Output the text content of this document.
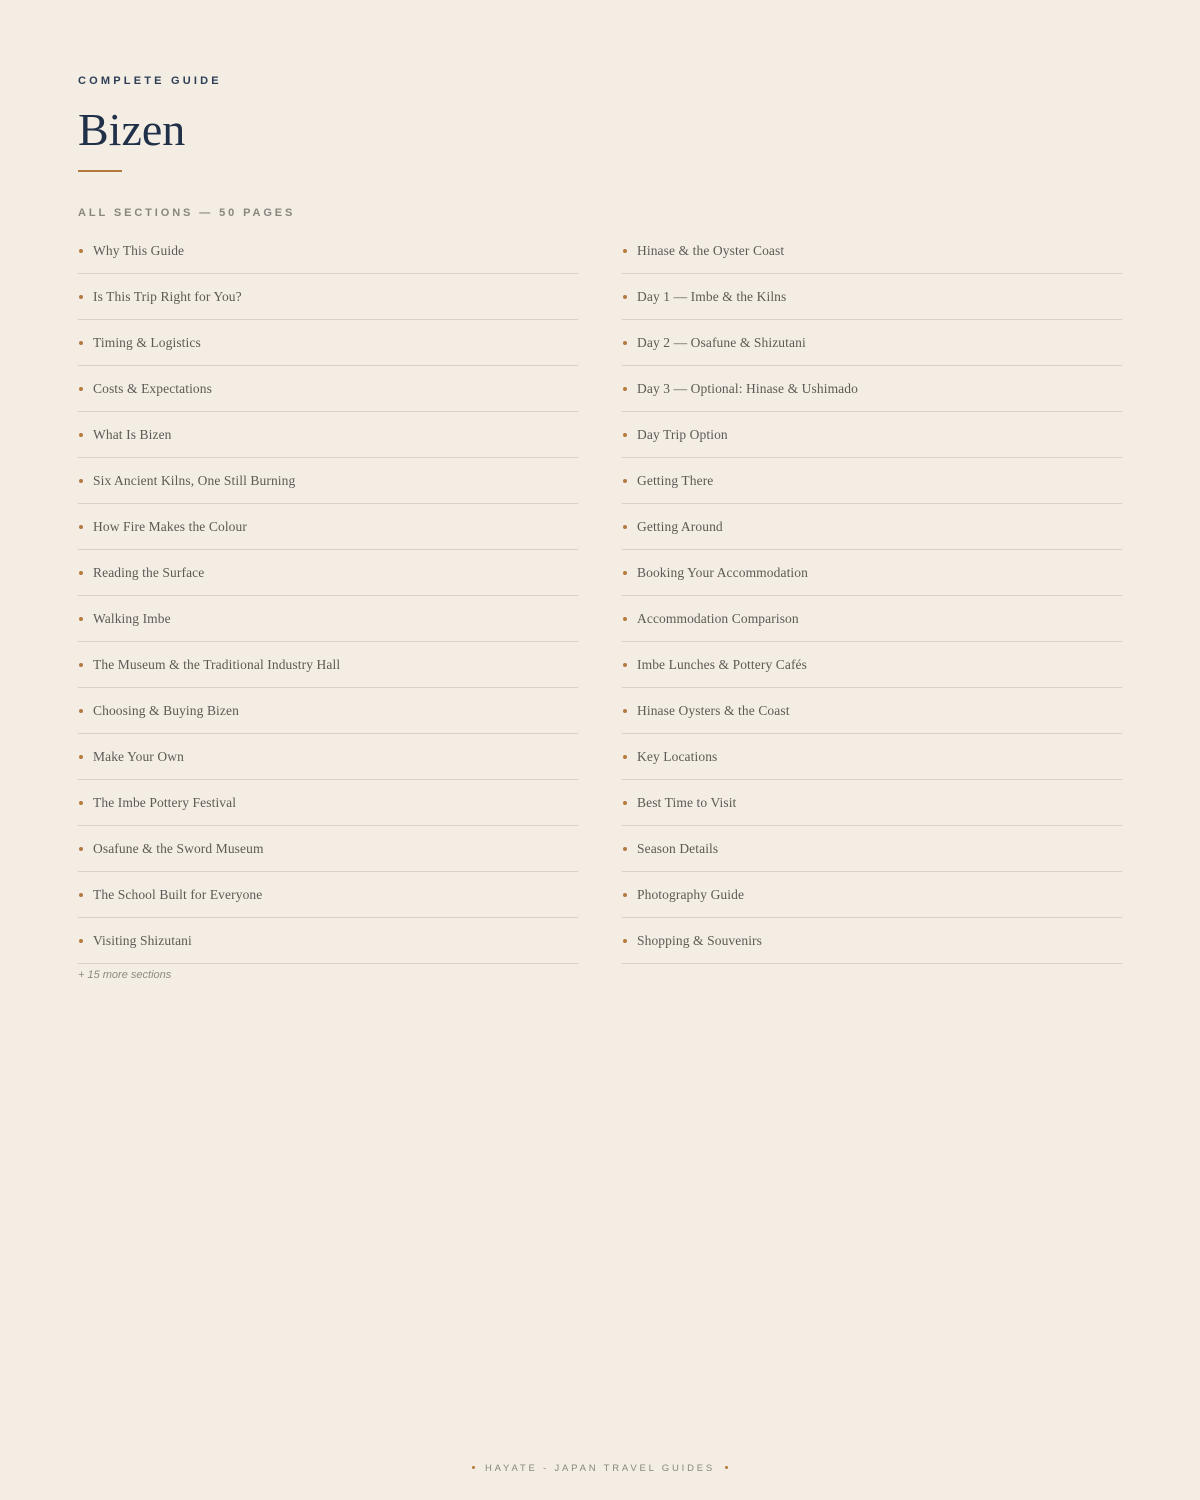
COMPLETE GUIDE
Bizen
ALL SECTIONS — 50 PAGES
Why This Guide
Is This Trip Right for You?
Timing & Logistics
Costs & Expectations
What Is Bizen
Six Ancient Kilns, One Still Burning
How Fire Makes the Colour
Reading the Surface
Walking Imbe
The Museum & the Traditional Industry Hall
Choosing & Buying Bizen
Make Your Own
The Imbe Pottery Festival
Osafune & the Sword Museum
The School Built for Everyone
Visiting Shizutani
Hinase & the Oyster Coast
Day 1 — Imbe & the Kilns
Day 2 — Osafune & Shizutani
Day 3 — Optional: Hinase & Ushimado
Day Trip Option
Getting There
Getting Around
Booking Your Accommodation
Accommodation Comparison
Imbe Lunches & Pottery Cafés
Hinase Oysters & the Coast
Key Locations
Best Time to Visit
Season Details
Photography Guide
Shopping & Souvenirs
+ 15 more sections
HAYATE - JAPAN TRAVEL GUIDES
